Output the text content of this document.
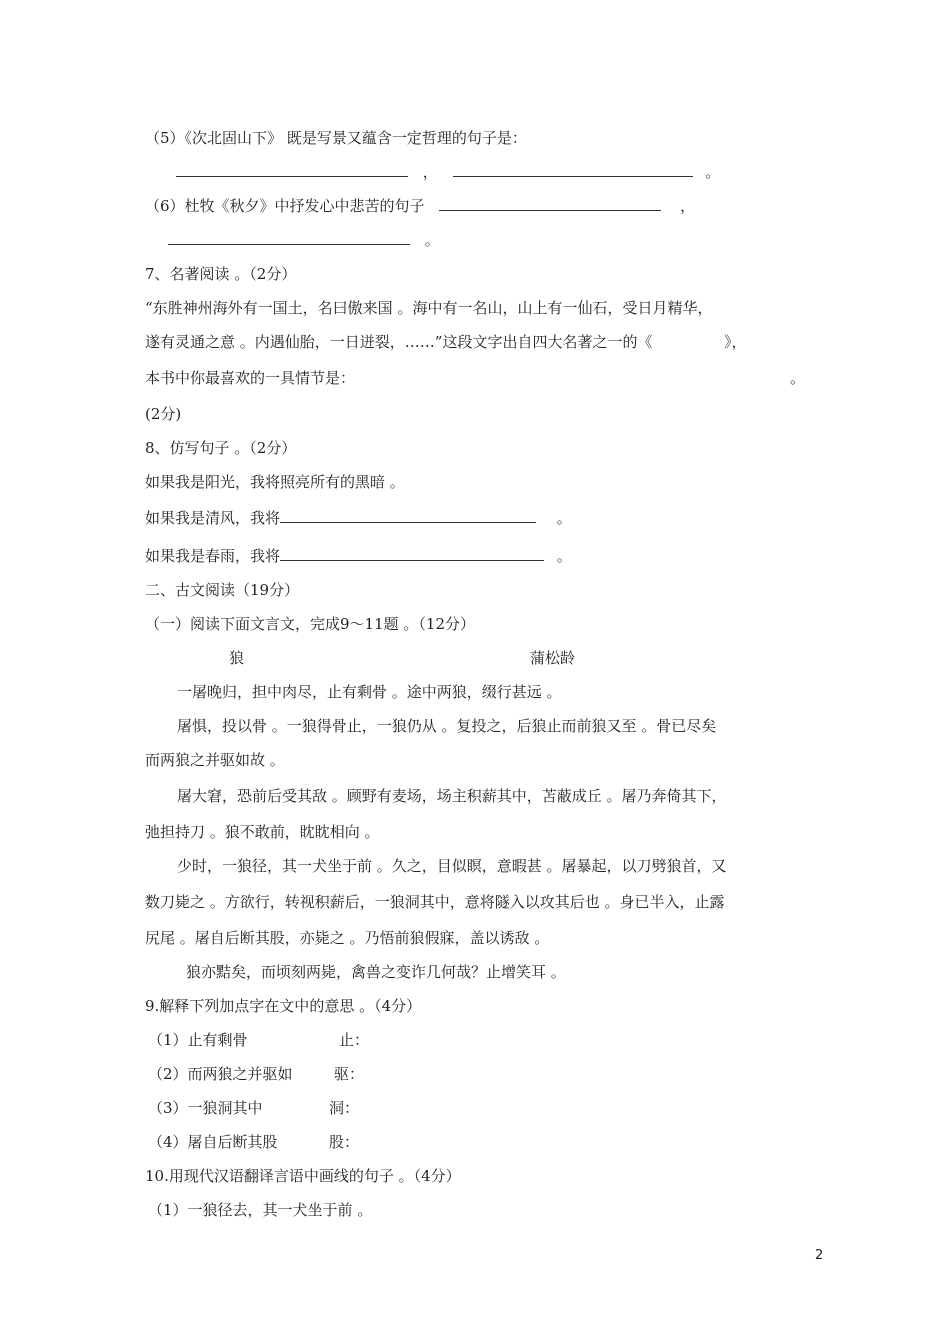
（5）《次北固山下》 既是写景又蕴含一定哲理的句子是：
，	。
（6）杜牧《秋夕》中抒发心中悲苦的句子	，
。
7、名著阅读 。（2分）
“东胜神州海外有一国土，名曰傲来国 。海中有一名山，山上有一仙石，受日月精华，
遂有灵通之意 。内遇仙胎，一日迸裂，……”这段文字出自四大名著之一的《	》，
本书中你最喜欢的一具情节是：	。
(2分)
8、仿写句子 。（2分）
如果我是阳光，我将照亮所有的黑暗 。
如果我是清风，我将	。
如果我是春雨，我将	。
二、古文阅读（19分）
（一）阅读下面文言文，完成9～11题 。（12分）
狼	蒲松龄
一屠晚归，担中肉尽，止有剩骨 。途中两狼，缀行甚远 。
屠惧，投以骨 。一狼得骨止，一狼仍从 。复投之，后狼止而前狼又至 。骨已尽矣
而两狼之并驱如故 。
屠大窘，恐前后受其敌 。顾野有麦场，场主积薪其中，苫蔽成丘 。屠乃奔倚其下，
弛担持刀 。狼不敢前，眈眈相向 。
少时，一狼径，其一犬坐于前 。久之，目似瞑，意暇甚 。屠暴起，以刀劈狼首，又
数刀毙之 。方欲行，转视积薪后，一狼洞其中，意将隧入以攻其后也 。身已半入，止露
尻尾 。屠自后断其股，亦毙之 。乃悟前狼假寐，盖以诱敌 。
狼亦黠矣，而顷刻两毙，禽兽之变诈几何哉？止增笑耳 。
9.解释下列加点字在文中的意思 。（4分）
（1）止有剩骨	止：
（2）而两狼之并驱如	驱：
（3）一狼洞其中	洞：
（4）屠自后断其股	股：
10.用现代汉语翻译言语中画线的句子 。（4分）
（1）一狼径去，其一犬坐于前 。
2
